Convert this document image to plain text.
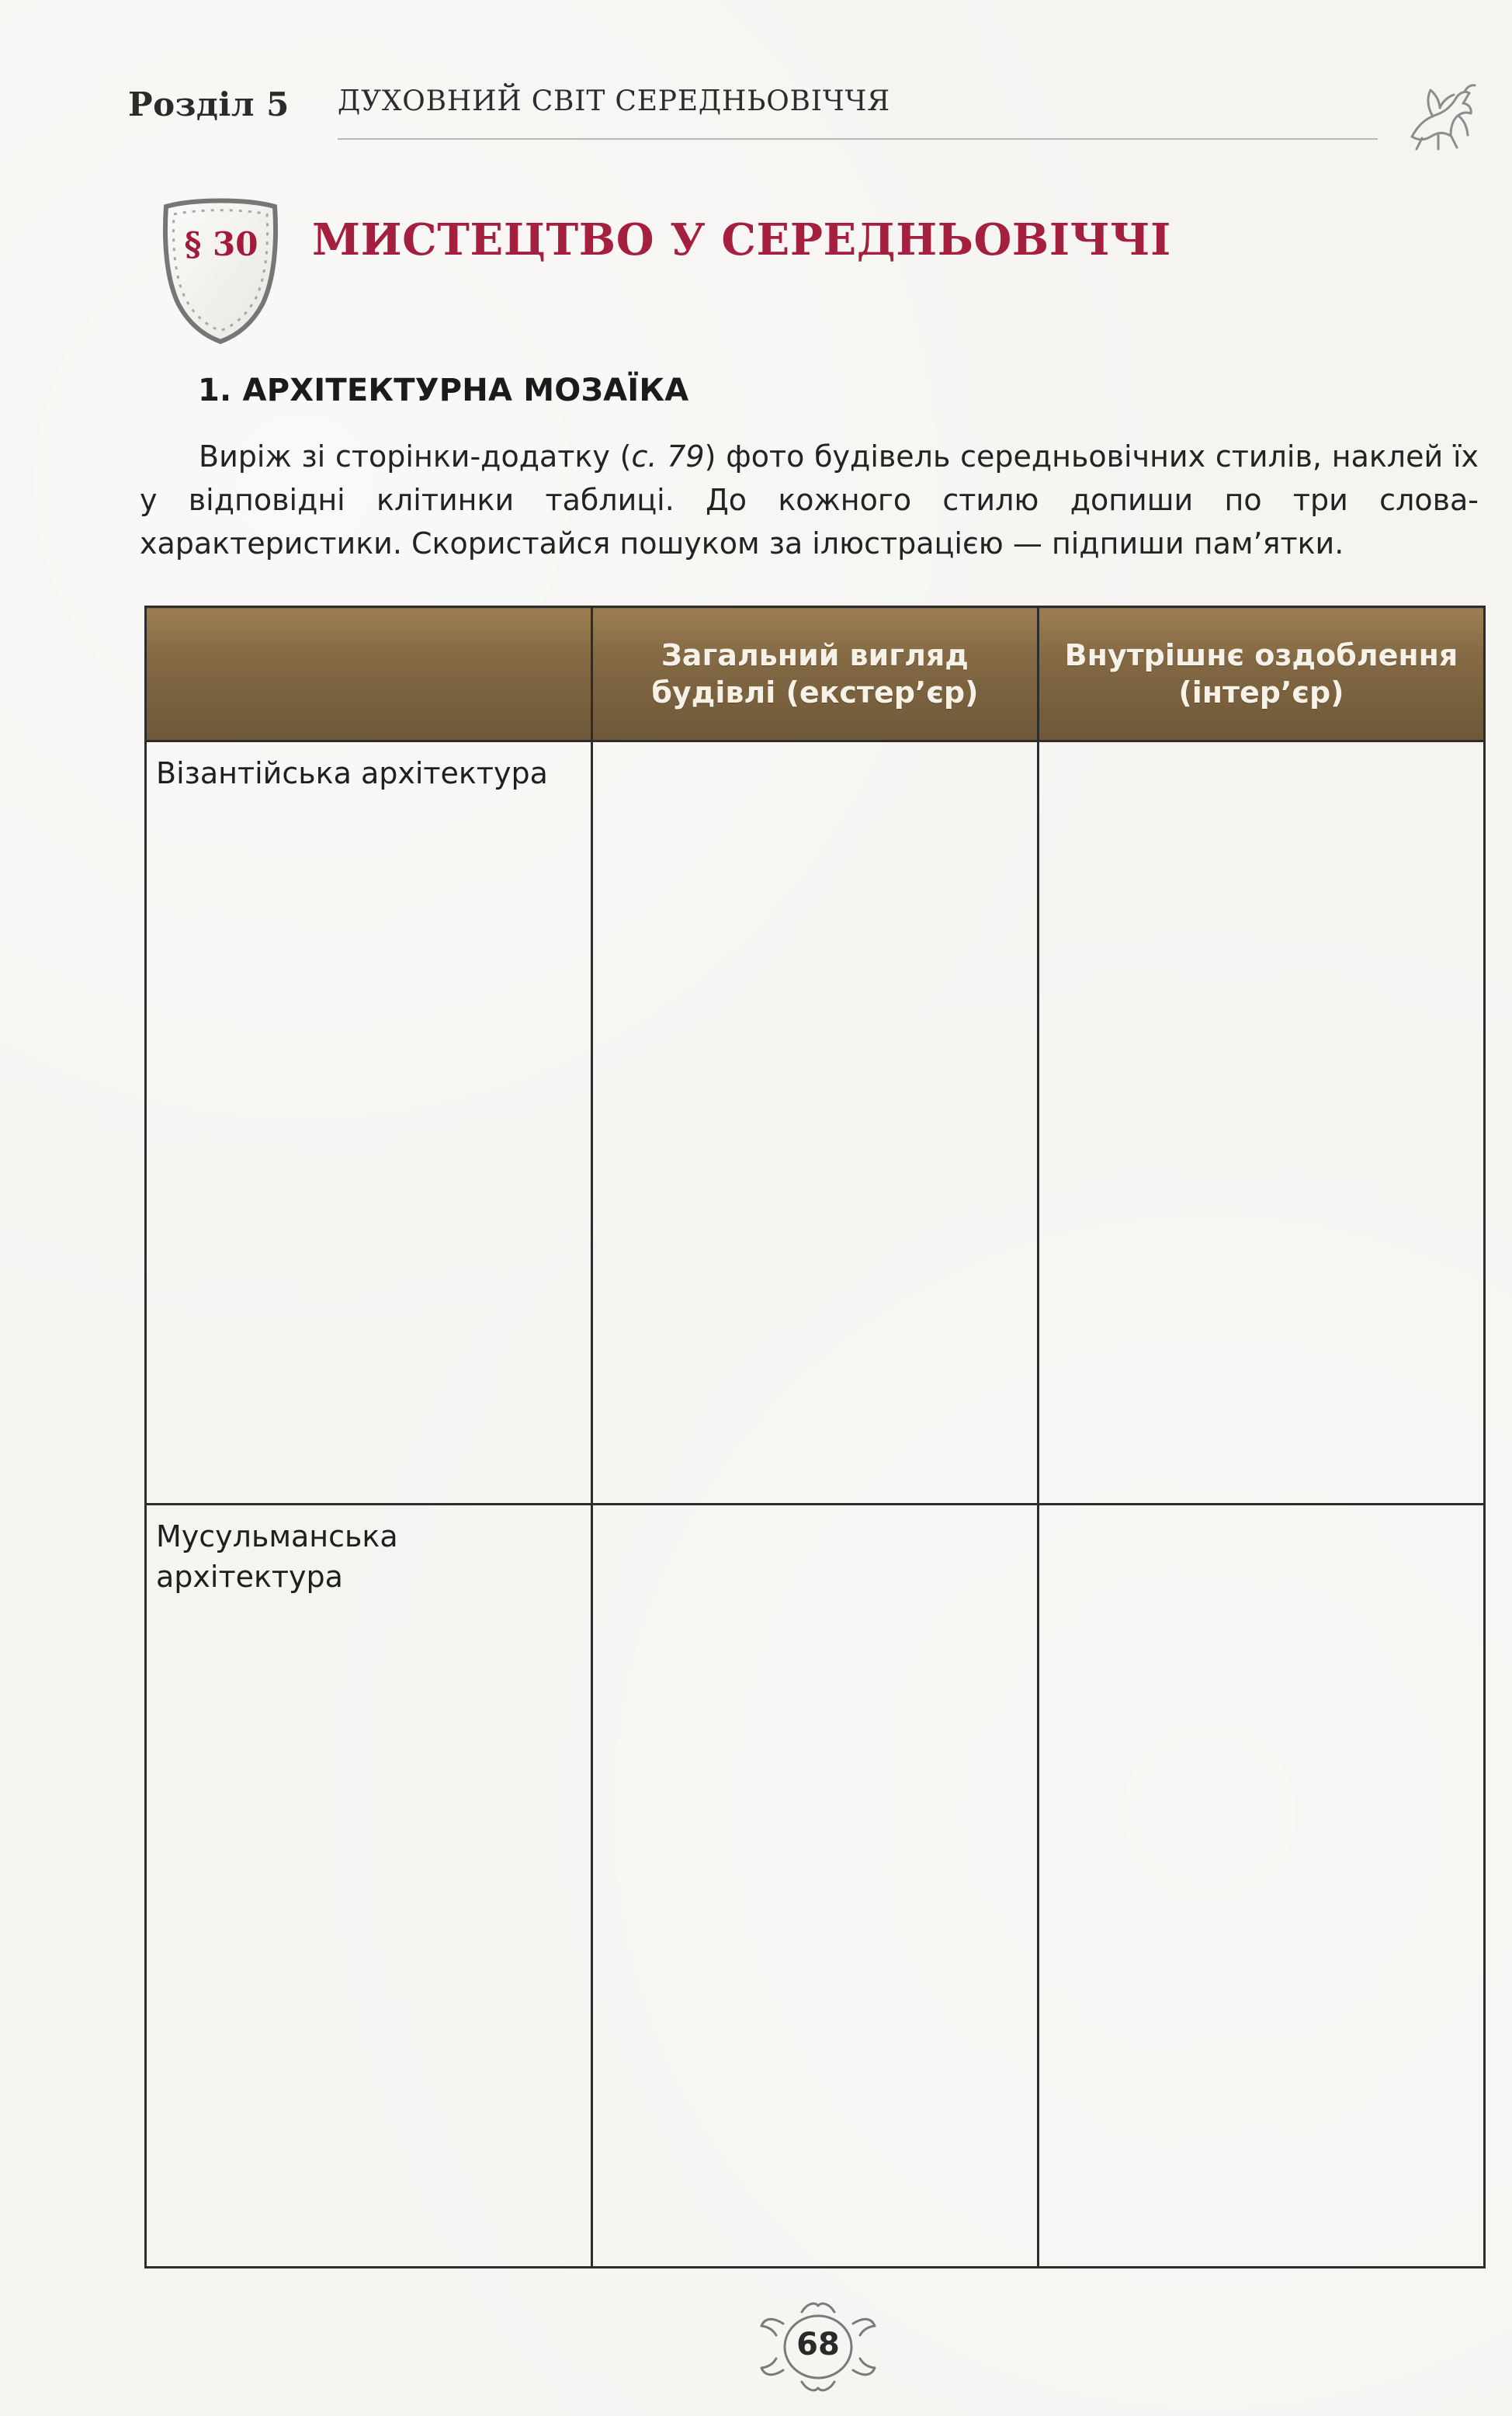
Розділ 5 ДУХОВНИЙ СВІТ СЕРЕДНЬОВІЧЧЯ
§ 30 МИСТЕЦТВО У СЕРЕДНЬОВІЧЧІ
1. АРХІТЕКТУРНА МОЗАЇКА

Виріж зі сторінки-додатку (с. 79) фото будівель середньовічних стилів, наклей їх у відповідні клітинки таблиці. До кожного стилю допиши по три слова-характеристики. Скористайся пошуком за ілюстрацією — підпиши пам’ятки.

	Загальний вигляд будівлі (екстер’єр)	Внутрішнє оздоблення (інтер’єр)

Візантійська архітектура		

Мусульманська архітектура		

68
